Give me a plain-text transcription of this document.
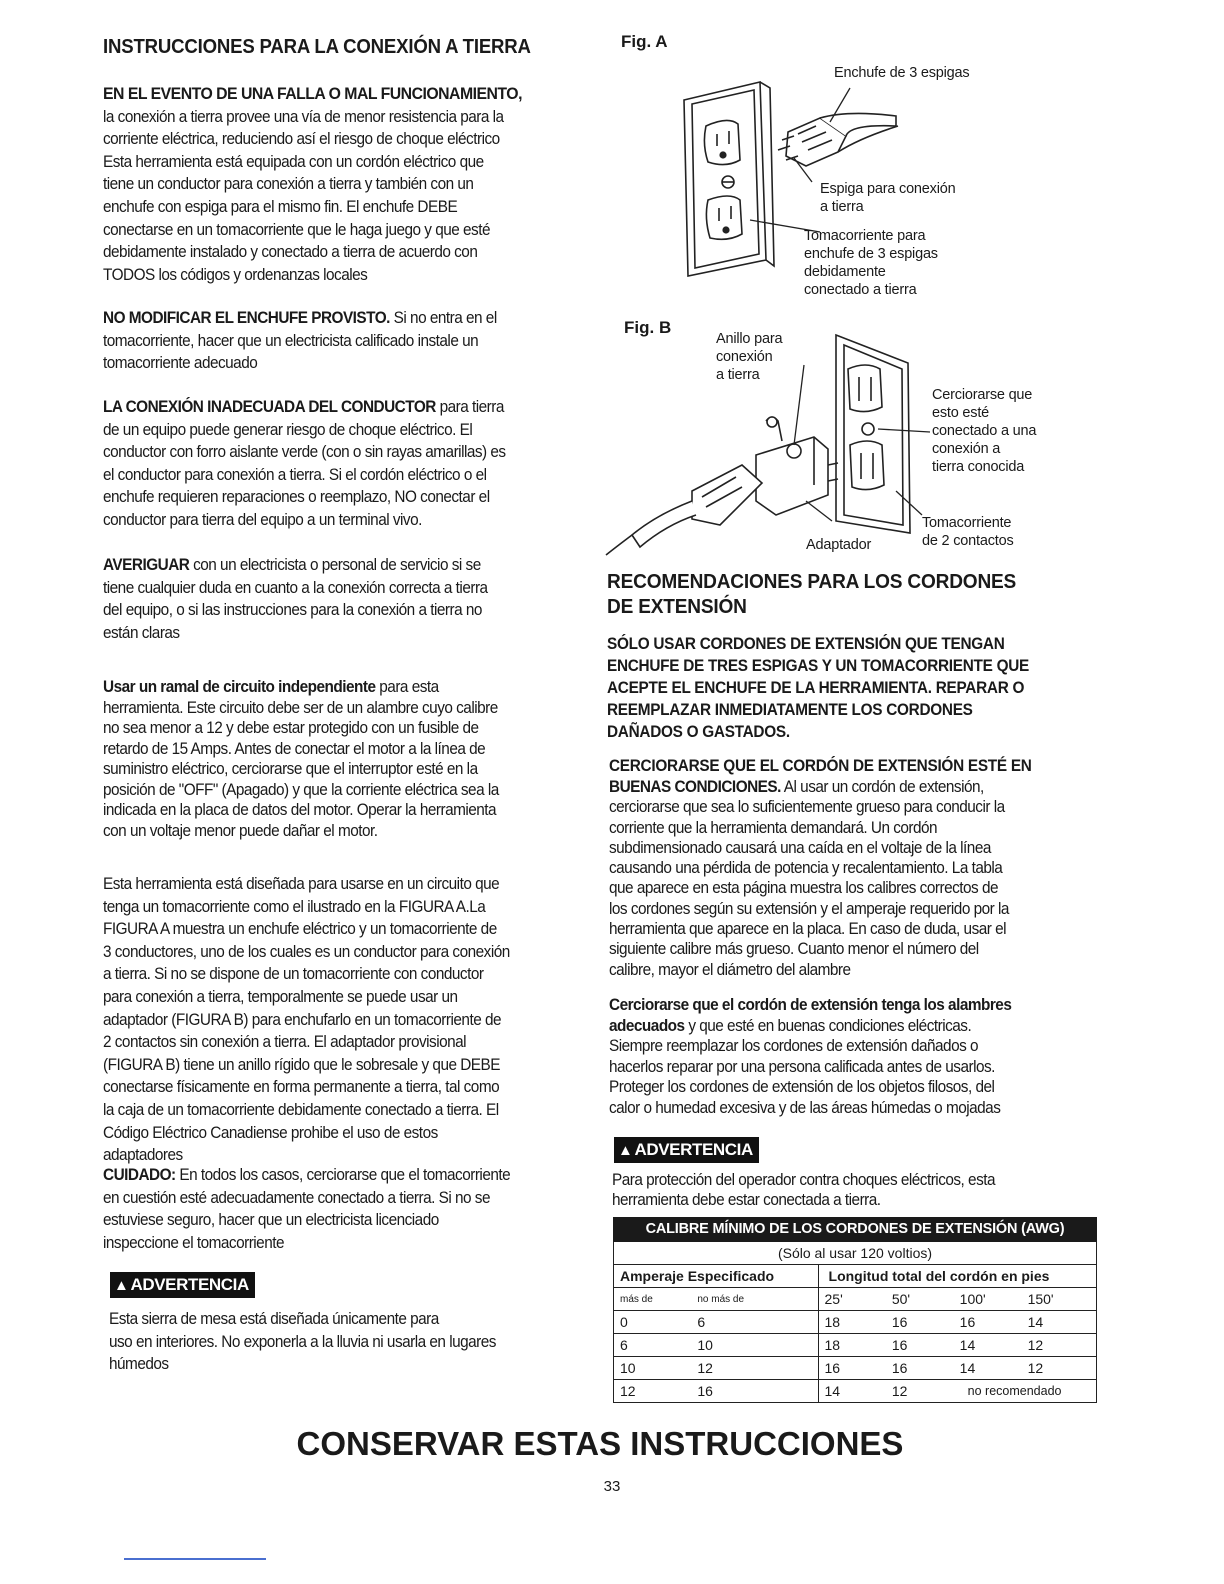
INSTRUCCIONES PARA LA CONEXIÓN A TIERRA

EN EL EVENTO DE UNA FALLA O MAL FUNCIONAMIENTO,

la conexión a tierra provee una vía de menor resistencia para la

corriente eléctrica, reduciendo así el riesgo de choque eléctrico

Esta herramienta está equipada con un cordón eléctrico que

tiene un conductor para conexión a tierra y también con un

enchufe con espiga para el mismo fin. El enchufe DEBE

conectarse en un tomacorriente que le haga juego y que esté

debidamente instalado y conectado a tierra de acuerdo con

TODOS los códigos y ordenanzas locales

NO MODIFICAR EL ENCHUFE PROVISTO. Si no entra en el

tomacorriente, hacer que un electricista calificado instale un

tomacorriente adecuado

LA CONEXIÓN INADECUADA DEL CONDUCTOR para tierra

de un equipo puede generar riesgo de choque eléctrico. El

conductor con forro aislante verde (con o sin rayas amarillas) es

el conductor para conexión a tierra. Si el cordón eléctrico o el

enchufe requieren reparaciones o reemplazo, NO conectar el

conductor para tierra del equipo a un terminal vivo.

AVERIGUAR con un electricista o personal de servicio si se

tiene cualquier duda en cuanto a la conexión correcta a tierra

del equipo, o si las instrucciones para la conexión a tierra no

están claras

Usar un ramal de circuito independiente para esta

herramienta. Este circuito debe ser de un alambre cuyo calibre

no sea menor a 12 y debe estar protegido con un fusible de

retardo de 15 Amps. Antes de conectar el motor a la línea de

suministro eléctrico, cerciorarse que el interruptor esté en la

posición de "OFF" (Apagado) y que la corriente eléctrica sea la

indicada en la placa de datos del motor. Operar la herramienta

con un voltaje menor puede dañar el motor.

Esta herramienta está diseñada para usarse en un circuito que

tenga un tomacorriente como el ilustrado en la FIGURA A.La

FIGURA A muestra un enchufe eléctrico y un tomacorriente de

3 conductores, uno de los cuales es un conductor para conexión

a tierra. Si no se dispone de un tomacorriente con conductor

para conexión a tierra, temporalmente se puede usar un

adaptador (FIGURA B) para enchufarlo en un tomacorriente de

2 contactos sin conexión a tierra. El adaptador provisional

(FIGURA B) tiene un anillo rígido que le sobresale y que DEBE

conectarse físicamente en forma permanente a tierra, tal como

la caja de un tomacorriente debidamente conectado a tierra. El

Código Eléctrico Canadiense prohibe el uso de estos

adaptadores

CUIDADO: En todos los casos, cerciorarse que el tomacorriente

en cuestión esté adecuadamente conectado a tierra. Si no se

estuviese seguro, hacer que un electricista licenciado

inspeccione el tomacorriente

▲ ADVERTENCIA

Esta sierra de mesa está diseñada únicamente para

uso en interiores. No exponerla a la lluvia ni usarla en lugares

húmedos

Fig. A
Enchufe de 3 espigas
Espiga para conexión
a tierra
Tomacorriente para
enchufe de 3 espigas
debidamente
conectado a tierra
Fig. B
Anillo para
conexión
a tierra
Cerciorarse que
esto esté
conectado a una
conexión a
tierra conocida
Adaptador
Tomacorriente
de 2 contactos
RECOMENDACIONES PARA LOS CORDONES
DE EXTENSIÓN

SÓLO USAR CORDONES DE EXTENSIÓN QUE TENGAN

ENCHUFE DE TRES ESPIGAS Y UN TOMACORRIENTE QUE

ACEPTE EL ENCHUFE DE LA HERRAMIENTA. REPARAR O

REEMPLAZAR INMEDIATAMENTE LOS CORDONES

DAÑADOS O GASTADOS.

CERCIORARSE QUE EL CORDÓN DE EXTENSIÓN ESTÉ EN

BUENAS CONDICIONES. Al usar un cordón de extensión,

cerciorarse que sea lo suficientemente grueso para conducir la

corriente que la herramienta demandará. Un cordón

subdimensionado causará una caída en el voltaje de la línea

causando una pérdida de potencia y recalentamiento. La tabla

que aparece en esta página muestra los calibres correctos de

los cordones según su extensión y el amperaje requerido por la

herramienta que aparece en la placa. En caso de duda, usar el

siguiente calibre más grueso. Cuanto menor el número del

calibre, mayor el diámetro del alambre

Cerciorarse que el cordón de extensión tenga los alambres

adecuados y que esté en buenas condiciones eléctricas.

Siempre reemplazar los cordones de extensión dañados o

hacerlos reparar por una persona calificada antes de usarlos.

Proteger los cordones de extensión de los objetos filosos, del

calor o humedad excesiva y de las áreas húmedas o mojadas

▲ ADVERTENCIA

Para protección del operador contra choques eléctricos, esta

herramienta debe estar conectada a tierra.

CALIBRE MÍNIMO DE LOS CORDONES DE EXTENSIÓN (AWG)
(Sólo al usar 120 voltios)
Amperaje Especificado		Longitud total del cordón en pies			
más de	no más de	25'	50'	100'	150'
0	6	18	16	16	14
6	10	18	16	14	12
10	12	16	16	14	12
12	16	14	12	no recomendado	
CONSERVAR ESTAS INSTRUCCIONES
33
